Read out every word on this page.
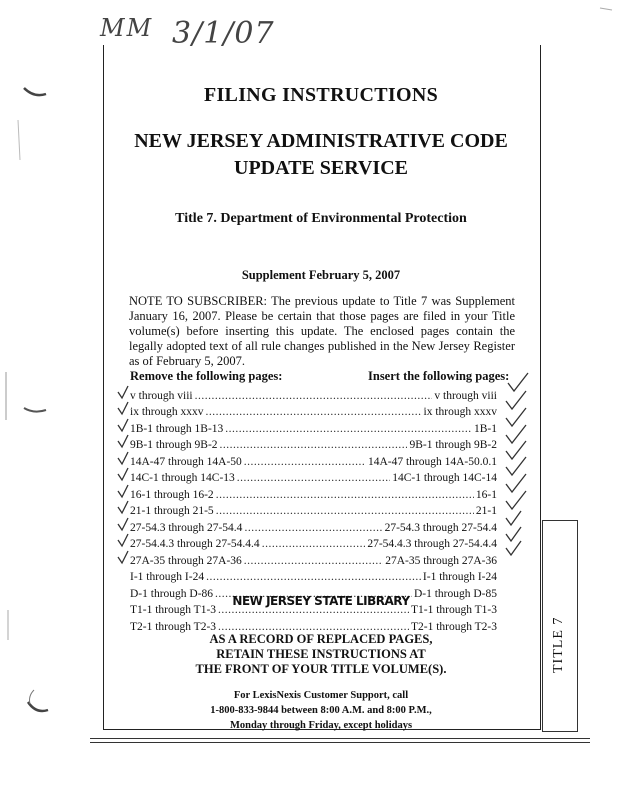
MM 3/1/07
FILING INSTRUCTIONS
NEW JERSEY ADMINISTRATIVE CODE
UPDATE SERVICE
Title 7. Department of Environmental Protection
Supplement February 5, 2007
NOTE TO SUBSCRIBER: The previous update to Title 7 was Supplement January 16, 2007. Please be certain that those pages are filed in your Title volume(s) before inserting this update. The enclosed pages contain the legally adopted text of all rule changes published in the New Jersey Register as of February 5, 2007.
Remove the following pages:	Insert the following pages:
v through viii .....	v through viii
ix through xxxv .....	ix through xxxv
1B-1 through 1B-13 .....	1B-1
9B-1 through 9B-2 .....	9B-1 through 9B-2
14A-47 through 14A-50 .....	14A-47 through 14A-50.0.1
14C-1 through 14C-13 .....	14C-1 through 14C-14
16-1 through 16-2 .....	16-1
21-1 through 21-5 .....	21-1
27-54.3 through 27-54.4 .....	27-54.3 through 27-54.4
27-54.4.3 through 27-54.4.4 .....	27-54.4.3 through 27-54.4.4
27A-35 through 27A-36 .....	27A-35 through 27A-36
I-1 through I-24 .....	I-1 through I-24
D-1 through D-86 .....	D-1 through D-85
T1-1 through T1-3 .....	T1-1 through T1-3
T2-1 through T2-3 .....	T2-1 through T2-3
NEW JERSEY STATE LIBRARY
AS A RECORD OF REPLACED PAGES,
RETAIN THESE INSTRUCTIONS AT
THE FRONT OF YOUR TITLE VOLUME(S).
For LexisNexis Customer Support, call
1-800-833-9844 between 8:00 A.M. and 8:00 P.M.,
Monday through Friday, except holidays
TITLE 7
